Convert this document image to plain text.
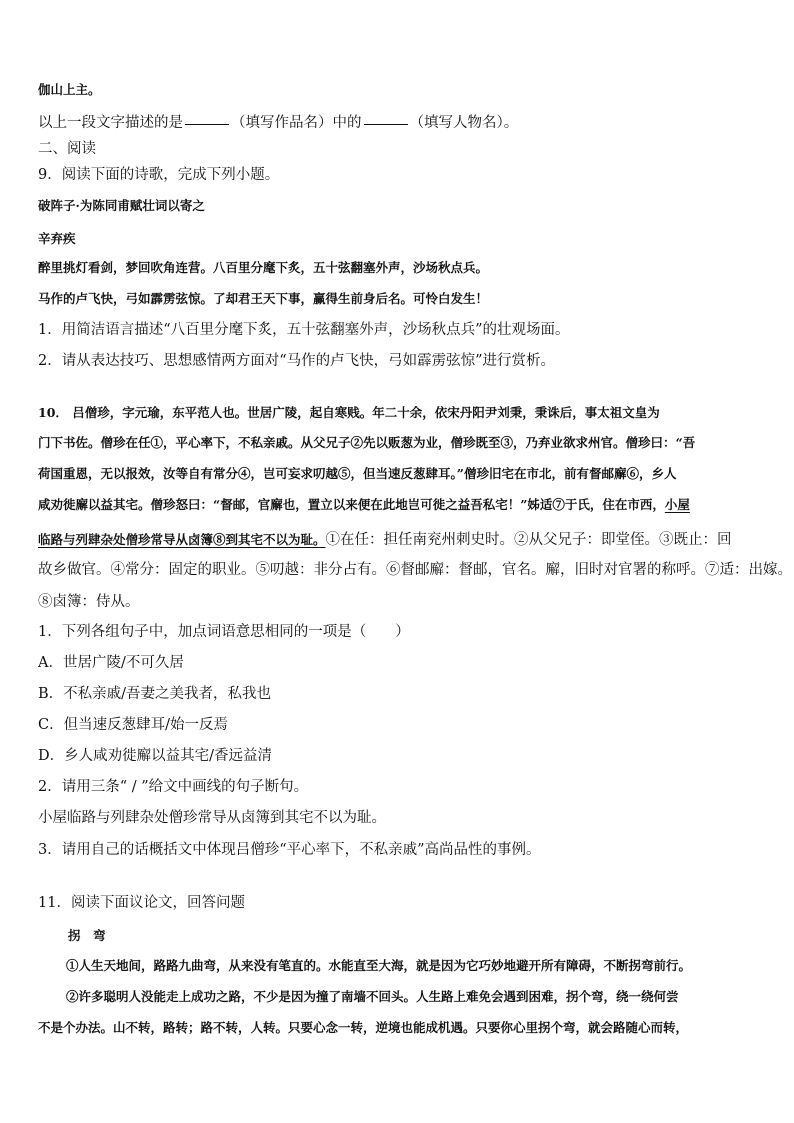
伽山上主。
以上一段文字描述的是	（填写作品名）中的	（填写人物名）。
二、阅读
9．阅读下面的诗歌，完成下列小题。
破阵子·为陈同甫赋壮词以寄之
辛弃疾
醉里挑灯看剑，梦回吹角连营。八百里分麾下炙，五十弦翻塞外声，沙场秋点兵。
马作的卢飞快，弓如霹雳弦惊。了却君王天下事，赢得生前身后名。可怜白发生！
1．用简洁语言描述“八百里分麾下炙，五十弦翻塞外声，沙场秋点兵”的壮观场面。
2．请从表达技巧、思想感情两方面对“马作的卢飞快，弓如霹雳弦惊”进行赏析。
10． 吕僧珍，字元瑜，东平范人也。世居广陵，起自寒贱。年二十余，依宋丹阳尹刘秉，秉诛后，事太祖文皇为
门下书佐。僧珍在任①，平心率下，不私亲戚。从父兄子②先以贩葱为业，僧珍既至③，乃弃业欲求州官。僧珍曰：“吾
荷国重恩，无以报效，汝等自有常分④，岂可妄求叨越⑤，但当速反葱肆耳。”僧珍旧宅在市北，前有督邮廨⑥，乡人
咸劝徙廨以益其宅。僧珍怒曰：“督邮，官廨也，置立以来便在此地岂可徙之益吾私宅！”姊适⑦于氏，住在市西，小屋
临路与列肆杂处僧珍常导从卤簿⑧到其宅不以为耻。①在任：担任南兖州刺史时。②从父兄子：即堂侄。③既止：回
故乡做官。④常分：固定的职业。⑤叨越：非分占有。⑥督邮廨：督邮，官名。廨，旧时对官署的称呼。⑦适：出嫁。
⑧卤簿：侍从。
1．下列各组句子中，加点词语意思相同的一项是（　　）
A．世居广陵/不可久居
B．不私亲戚/吾妻之美我者，私我也
C．但当速反葱肆耳/始一反焉
D．乡人咸劝徙廨以益其宅/香远益清
2．请用三条“ / ”给文中画线的句子断句。
小屋临路与列肆杂处僧珍常导从卤簿到其宅不以为耻。
3．请用自己的话概括文中体现吕僧珍“平心率下，不私亲戚”高尚品性的事例。
11．阅读下面议论文，回答问题
拐　弯
①人生天地间，路路九曲弯，从来没有笔直的。水能直至大海，就是因为它巧妙地避开所有障碍，不断拐弯前行。
②许多聪明人没能走上成功之路，不少是因为撞了南墙不回头。人生路上难免会遇到困难，拐个弯，绕一绕何尝
不是个办法。山不转，路转；路不转，人转。只要心念一转，逆境也能成机遇。只要你心里拐个弯，就会路随心而转，
